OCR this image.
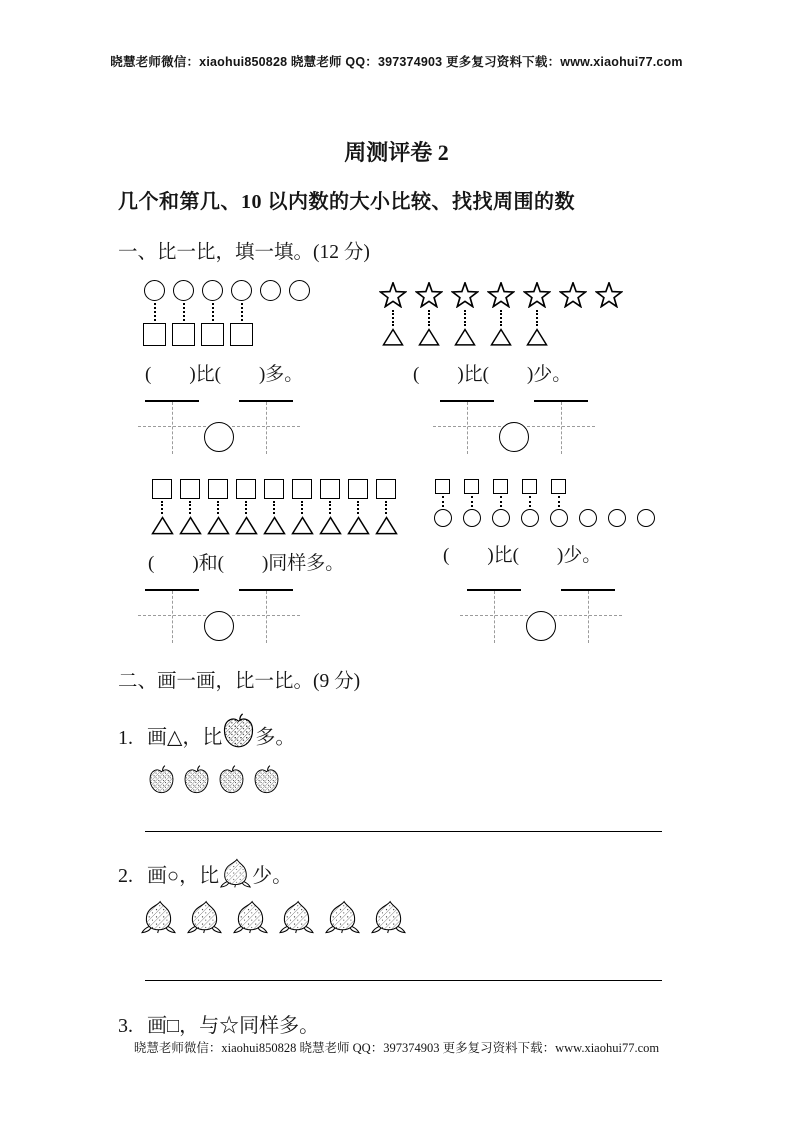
晓慧老师微信：xiaohui850828 晓慧老师 QQ：397374903 更多复习资料下载：www.xiaohui77.com
周测评卷 2
几个和第几、10 以内数的大小比较、找找周围的数
一、比一比，填一填。(12 分)
(　　)比(　　)多。	(　　)比(　　)少。
(　　)和(　　)同样多。	(　　)比(　　)少。
二、画一画，比一比。(9 分)
1. 画△，比 多。
2. 画○，比 少。
3. 画□，与☆同样多。
晓慧老师微信：xiaohui850828 晓慧老师 QQ：397374903 更多复习资料下载：www.xiaohui77.com
